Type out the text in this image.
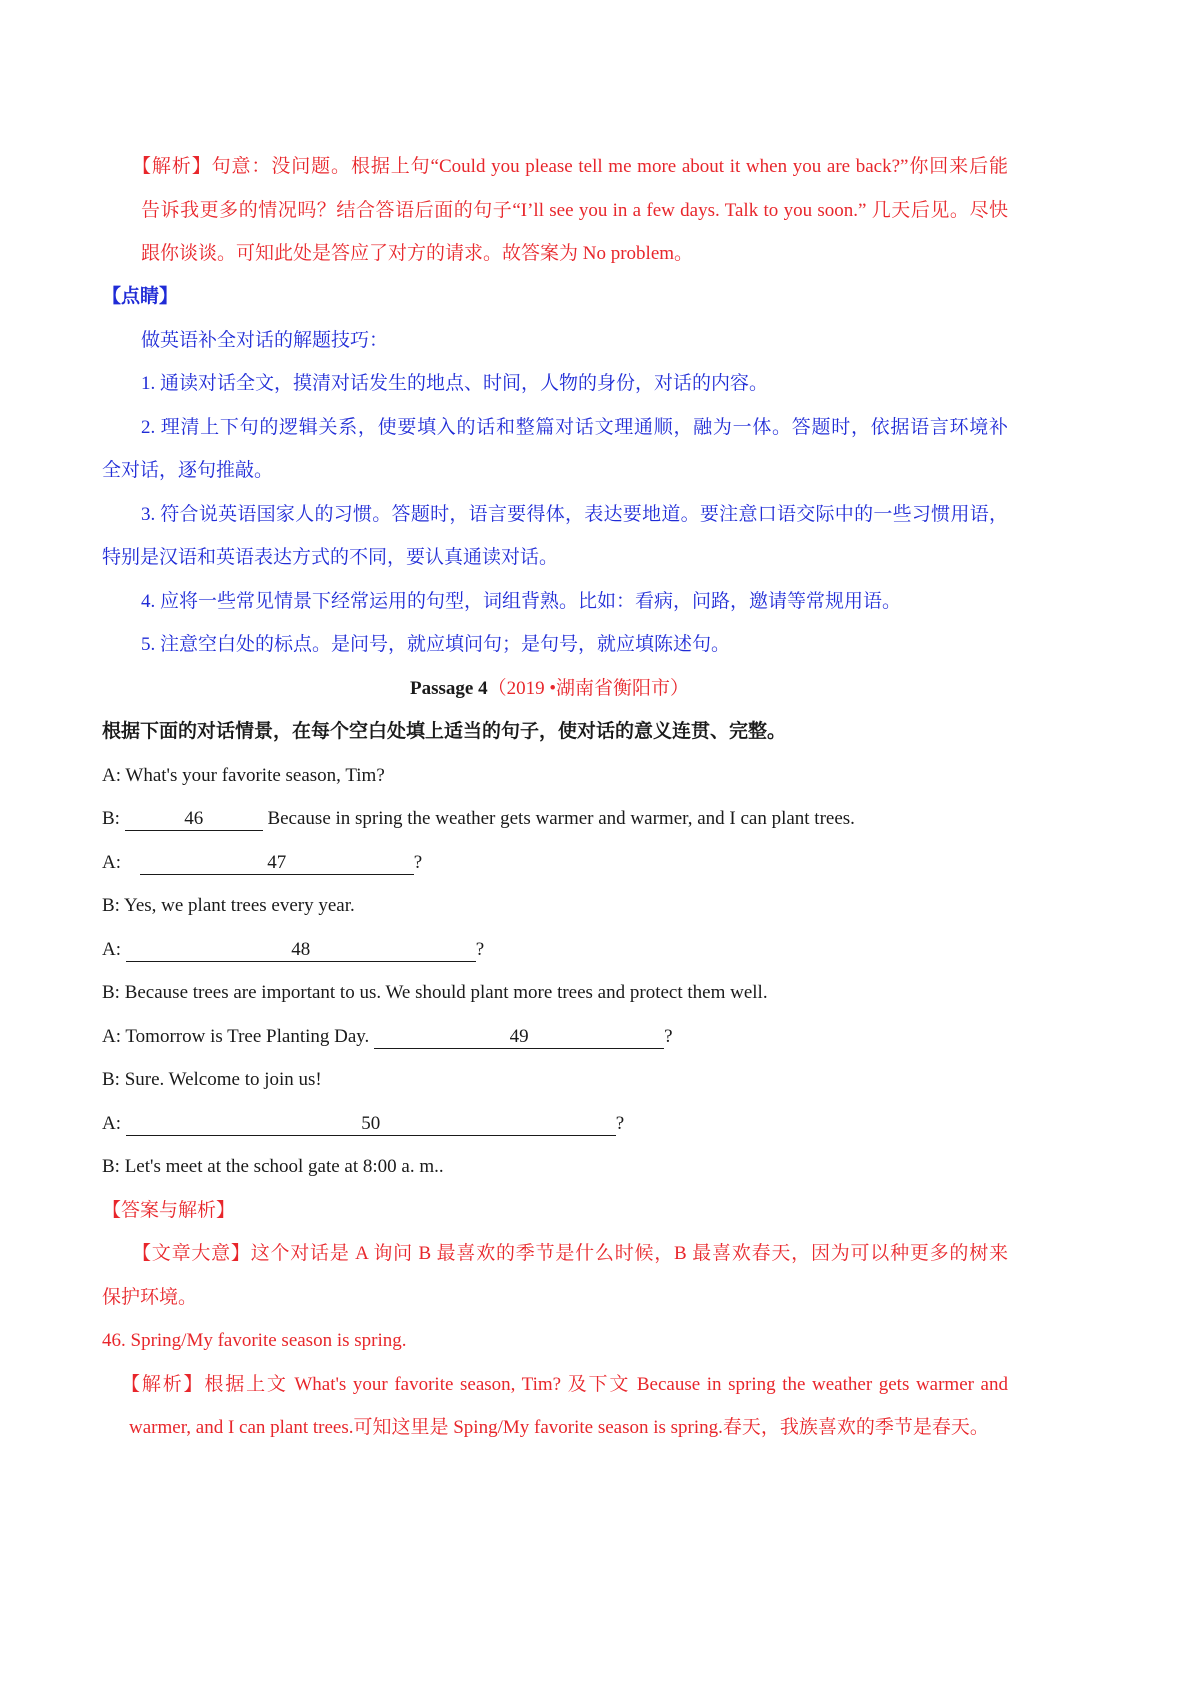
【解析】句意：没问题。根据上句“Could you please tell me more about it when you are back?”你回来后能
告诉我更多的情况吗？结合答语后面的句子“I’ll see you in a few days. Talk to you soon.” 几天后见。尽快
跟你谈谈。可知此处是答应了对方的请求。故答案为 No problem。
【点睛】
做英语补全对话的解题技巧：
1. 通读对话全文，摸清对话发生的地点、时间，人物的身份，对话的内容。
2. 理清上下句的逻辑关系，使要填入的话和整篇对话文理通顺，融为一体。答题时，依据语言环境补
全对话，逐句推敲。
3. 符合说英语国家人的习惯。答题时，语言要得体，表达要地道。要注意口语交际中的一些习惯用语，
特别是汉语和英语表达方式的不同，要认真通读对话。
4. 应将一些常见情景下经常运用的句型，词组背熟。比如：看病，问路，邀请等常规用语。
5. 注意空白处的标点。是问号，就应填问句；是句号，就应填陈述句。
Passage 4（2019 •湖南省衡阳市）
根据下面的对话情景，在每个空白处填上适当的句子，使对话的意义连贯、完整。
A: What's your favorite season, Tim?
B:	46	Because in spring the weather gets warmer and warmer, and I can plant trees.
A:	47	?
B: Yes, we plant trees every year.
A:	48	?
B: Because trees are important to us. We should plant more trees and protect them well.
A: Tomorrow is Tree Planting Day.	49	?
B: Sure. Welcome to join us!
A:	50	?
B: Let's meet at the school gate at 8:00 a. m..
【答案与解析】
【文章大意】这个对话是 A 询问 B 最喜欢的季节是什么时候，B 最喜欢春天，因为可以种更多的树来
保护环境。
46. Spring/My favorite season is spring.
【解析】根据上文 What's your favorite season, Tim? 及下文 Because in spring the weather gets warmer and
warmer, and I can plant trees.可知这里是 Sping/My favorite season is spring.春天，我族喜欢的季节是春天。
